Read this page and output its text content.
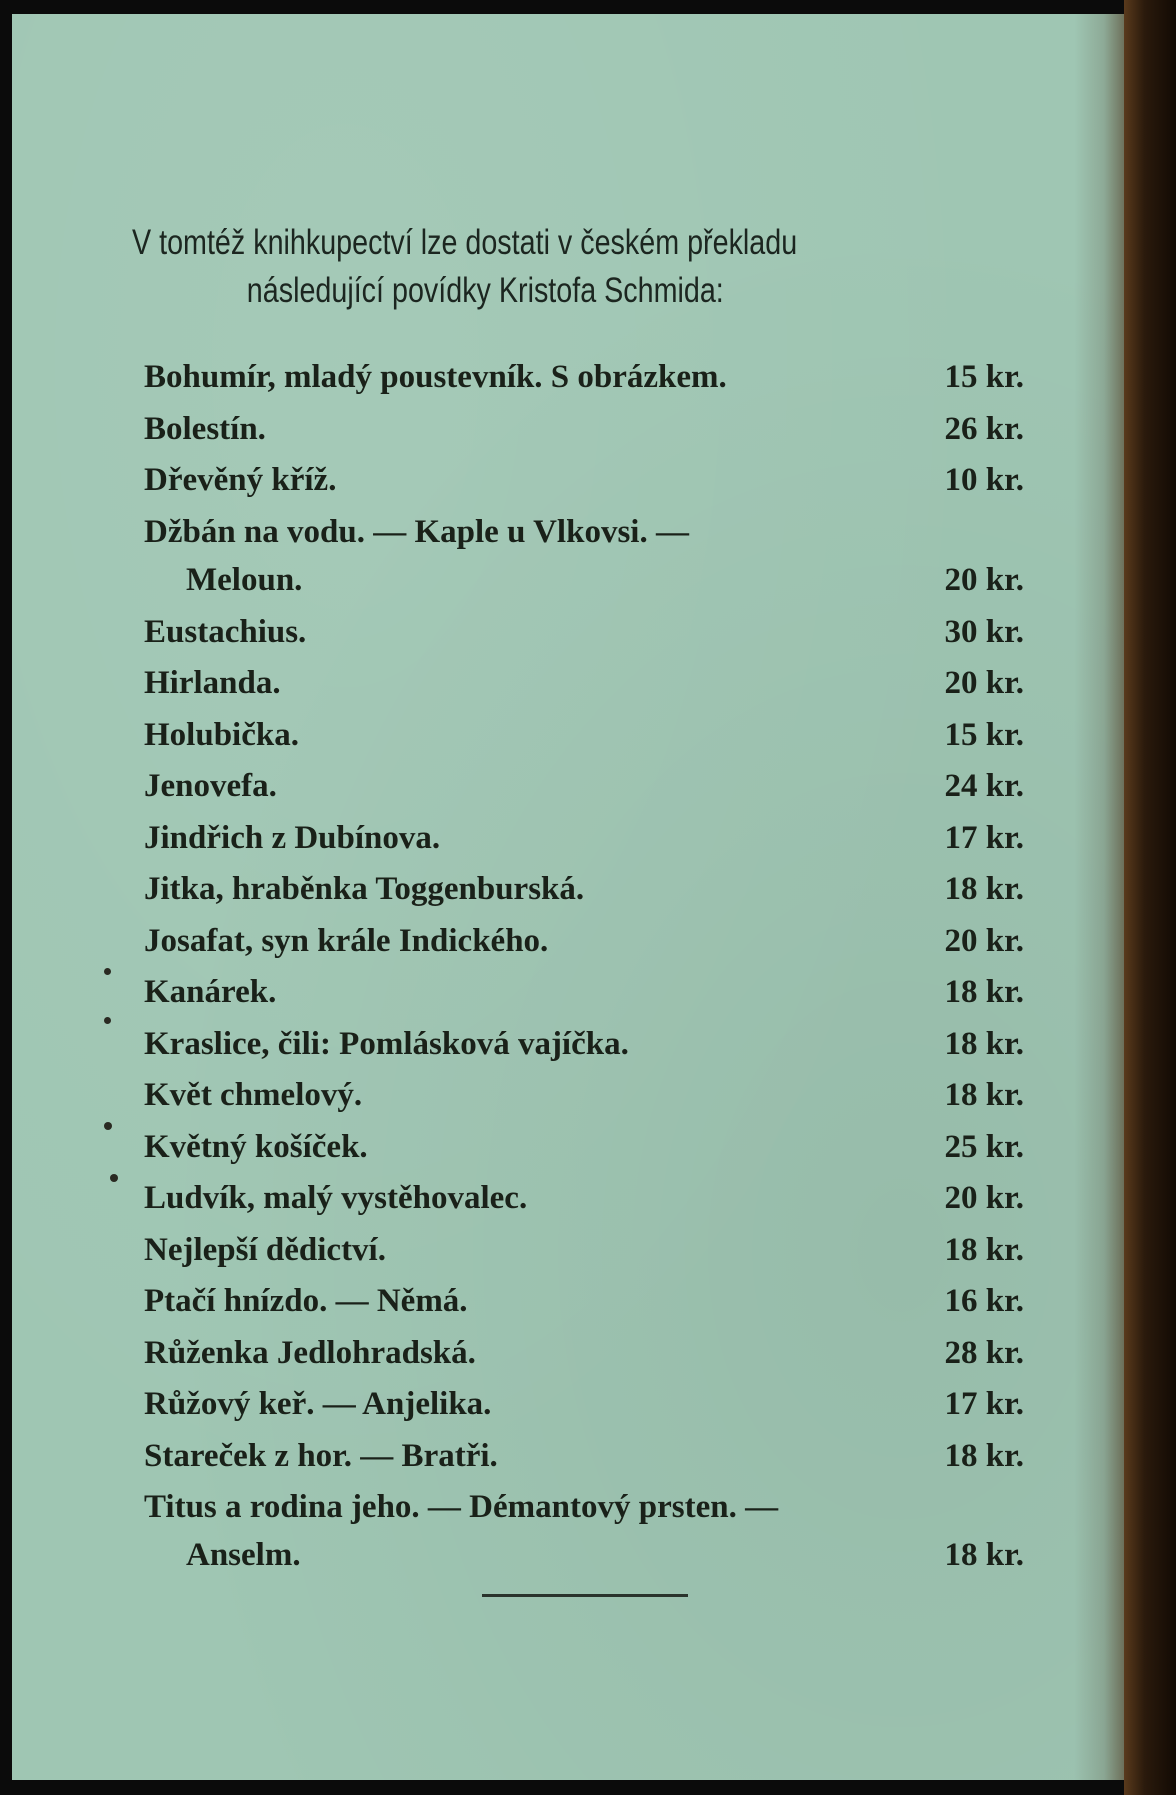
V tomtéž knihkupectví lze dostati v českém překladu
následující povídky Kristofa Schmida:
Bohumír, mladý poustevník. S obrázkem.	15 kr.
Bolestín.	26 kr.
Dřevěný kříž.	10 kr.
Džbán na vodu. — Kaple u Vlkovsi. —
Meloun.	20 kr.
Eustachius.	30 kr.
Hirlanda.	20 kr.
Holubička.	15 kr.
Jenovefa.	24 kr.
Jindřich z Dubínova.	17 kr.
Jitka, hraběnka Toggenburská.	18 kr.
Josafat, syn krále Indického.	20 kr.
Kanárek.	18 kr.
Kraslice, čili: Pomlásková vajíčka.	18 kr.
Květ chmelový.	18 kr.
Květný košíček.	25 kr.
Ludvík, malý vystěhovalec.	20 kr.
Nejlepší dědictví.	18 kr.
Ptačí hnízdo. — Němá.	16 kr.
Růženka Jedlohradská.	28 kr.
Růžový keř. — Anjelika.	17 kr.
Stareček z hor. — Bratři.	18 kr.
Titus a rodina jeho. — Démantový prsten. —
Anselm.	18 kr.
